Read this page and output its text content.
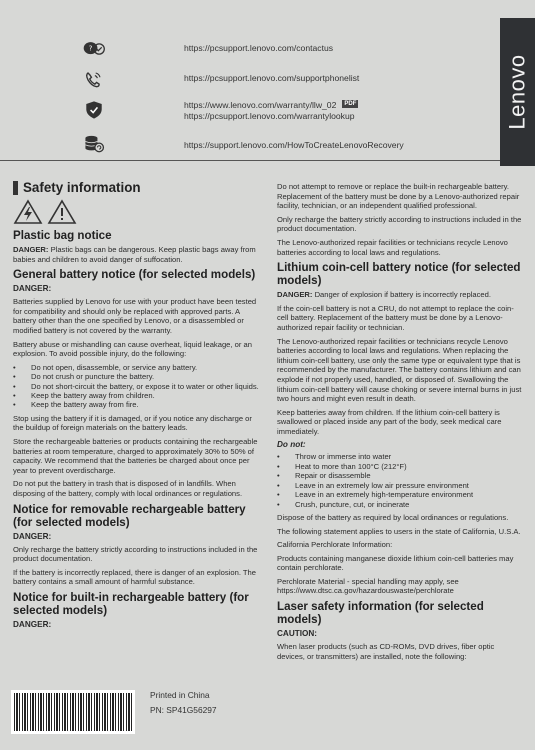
?	https://pcsupport.lenovo.com/contactus
https://pcsupport.lenovo.com/supportphonelist
https://www.lenovo.com/warranty/llw_02 PDF
https://pcsupport.lenovo.com/warrantylookup
https://support.lenovo.com/HowToCreateLenovoRecovery
Lenovo
Safety information
Plastic bag notice

DANGER: Plastic bags can be dangerous. Keep plastic bags away from babies and children to avoid danger of suffocation.

General battery notice (for selected models)
DANGER:

Batteries supplied by Lenovo for use with your product have been tested for compatibility and should only be replaced with approved parts. A battery other than the one specified by Lenovo, or a disassembled or modified battery is not covered by the warranty.

Battery abuse or mishandling can cause overheat, liquid leakage, or an explosion. To avoid possible injury, do the following:

• Do not open, disassemble, or service any battery.
• Do not crush or puncture the battery.
• Do not short-circuit the battery, or expose it to water or other liquids.
• Keep the battery away from children.
• Keep the battery away from fire.

Stop using the battery if it is damaged, or if you notice any discharge or the buildup of foreign materials on the battery leads.

Store the rechargeable batteries or products containing the rechargeable batteries at room temperature, charged to approximately 30% to 50% of capacity. We recommend that the batteries be charged about once per year to prevent overdischarge.

Do not put the battery in trash that is disposed of in landfills. When disposing of the battery, comply with local ordinances or regulations.

Notice for removable rechargeable battery (for selected models)
DANGER:

Only recharge the battery strictly according to instructions included in the product documentation.

If the battery is incorrectly replaced, there is danger of an explosion. The battery contains a small amount of harmful substance.

Notice for built-in rechargeable battery (for selected models)
DANGER:

Do not attempt to remove or replace the built-in rechargeable battery. Replacement of the battery must be done by a Lenovo-authorized repair facility, technician, or an independent qualified professional.

Only recharge the battery strictly according to instructions included in the product documentation.

The Lenovo-authorized repair facilities or technicians recycle Lenovo batteries according to local laws and regulations.

Lithium coin-cell battery notice (for selected models)

DANGER: Danger of explosion if battery is incorrectly replaced.

If the coin-cell battery is not a CRU, do not attempt to replace the coin-cell battery. Replacement of the battery must be done by a Lenovo-authorized repair facility or technician.

The Lenovo-authorized repair facilities or technicians recycle Lenovo batteries according to local laws and regulations. When replacing the lithium coin-cell battery, use only the same type or equivalent type that is recommended by the manufacturer. The battery contains lithium and can explode if not properly used, handled, or disposed of. Swallowing the lithium coin-cell battery will cause choking or severe internal burns in just two hours and might even result in death.

Keep batteries away from children. If the lithium coin-cell battery is swallowed or placed inside any part of the body, seek medical care immediately.

Do not:
• Throw or immerse into water
• Heat to more than 100°C (212°F)
• Repair or disassemble
• Leave in an extremely low air pressure environment
• Leave in an extremely high-temperature environment
• Crush, puncture, cut, or incinerate

Dispose of the battery as required by local ordinances or regulations.

The following statement applies to users in the state of California, U.S.A.

California Perchlorate Information:

Products containing manganese dioxide lithium coin-cell batteries may contain perchlorate.

Perchlorate Material - special handling may apply, see https://www.dtsc.ca.gov/hazardouswaste/perchlorate

Laser safety information (for selected models)
CAUTION:

When laser products (such as CD-ROMs, DVD drives, fiber optic devices, or transmitters) are installed, note the following:

Printed in China
PN: SP41G56297
